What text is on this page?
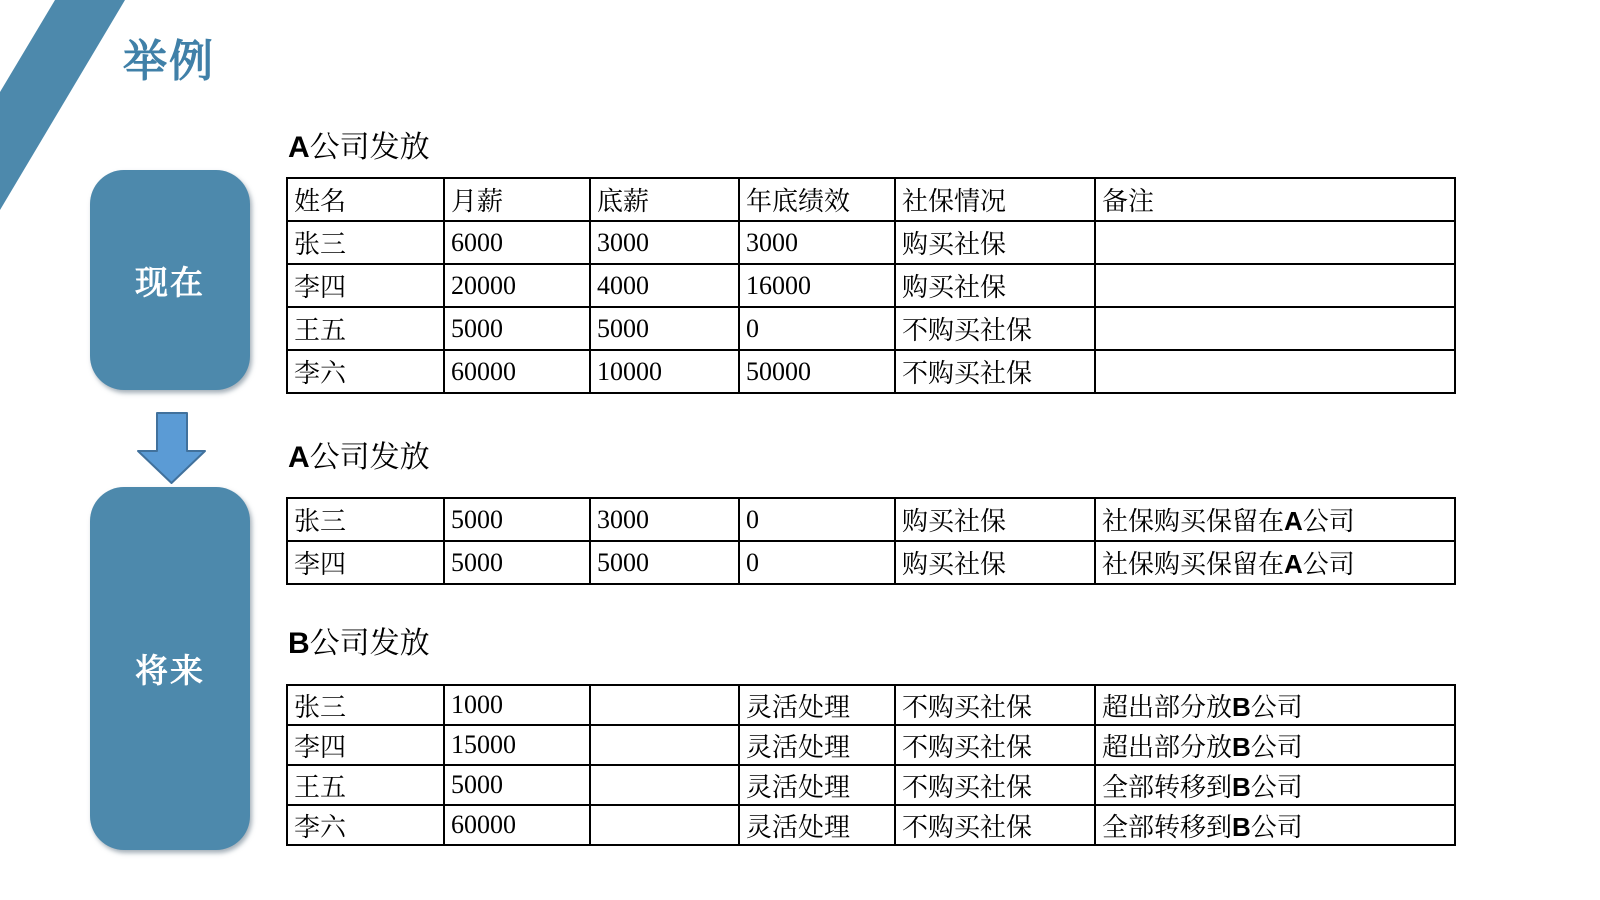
举例
现在
将来

A公司发放

姓名	月薪	底薪	年底绩效	社保情况	备注
张三	6000	3000	3000	购买社保	
李四	20000	4000	16000	购买社保	
王五	5000	5000	0	不购买社保	
李六	60000	10000	50000	不购买社保	

A公司发放

张三	5000	3000	0	购买社保	社保购买保留在A公司
李四	5000	5000	0	购买社保	社保购买保留在A公司

B公司发放

张三	1000		灵活处理	不购买社保	超出部分放B公司
李四	15000		灵活处理	不购买社保	超出部分放B公司
王五	5000		灵活处理	不购买社保	全部转移到B公司
李六	60000		灵活处理	不购买社保	全部转移到B公司
